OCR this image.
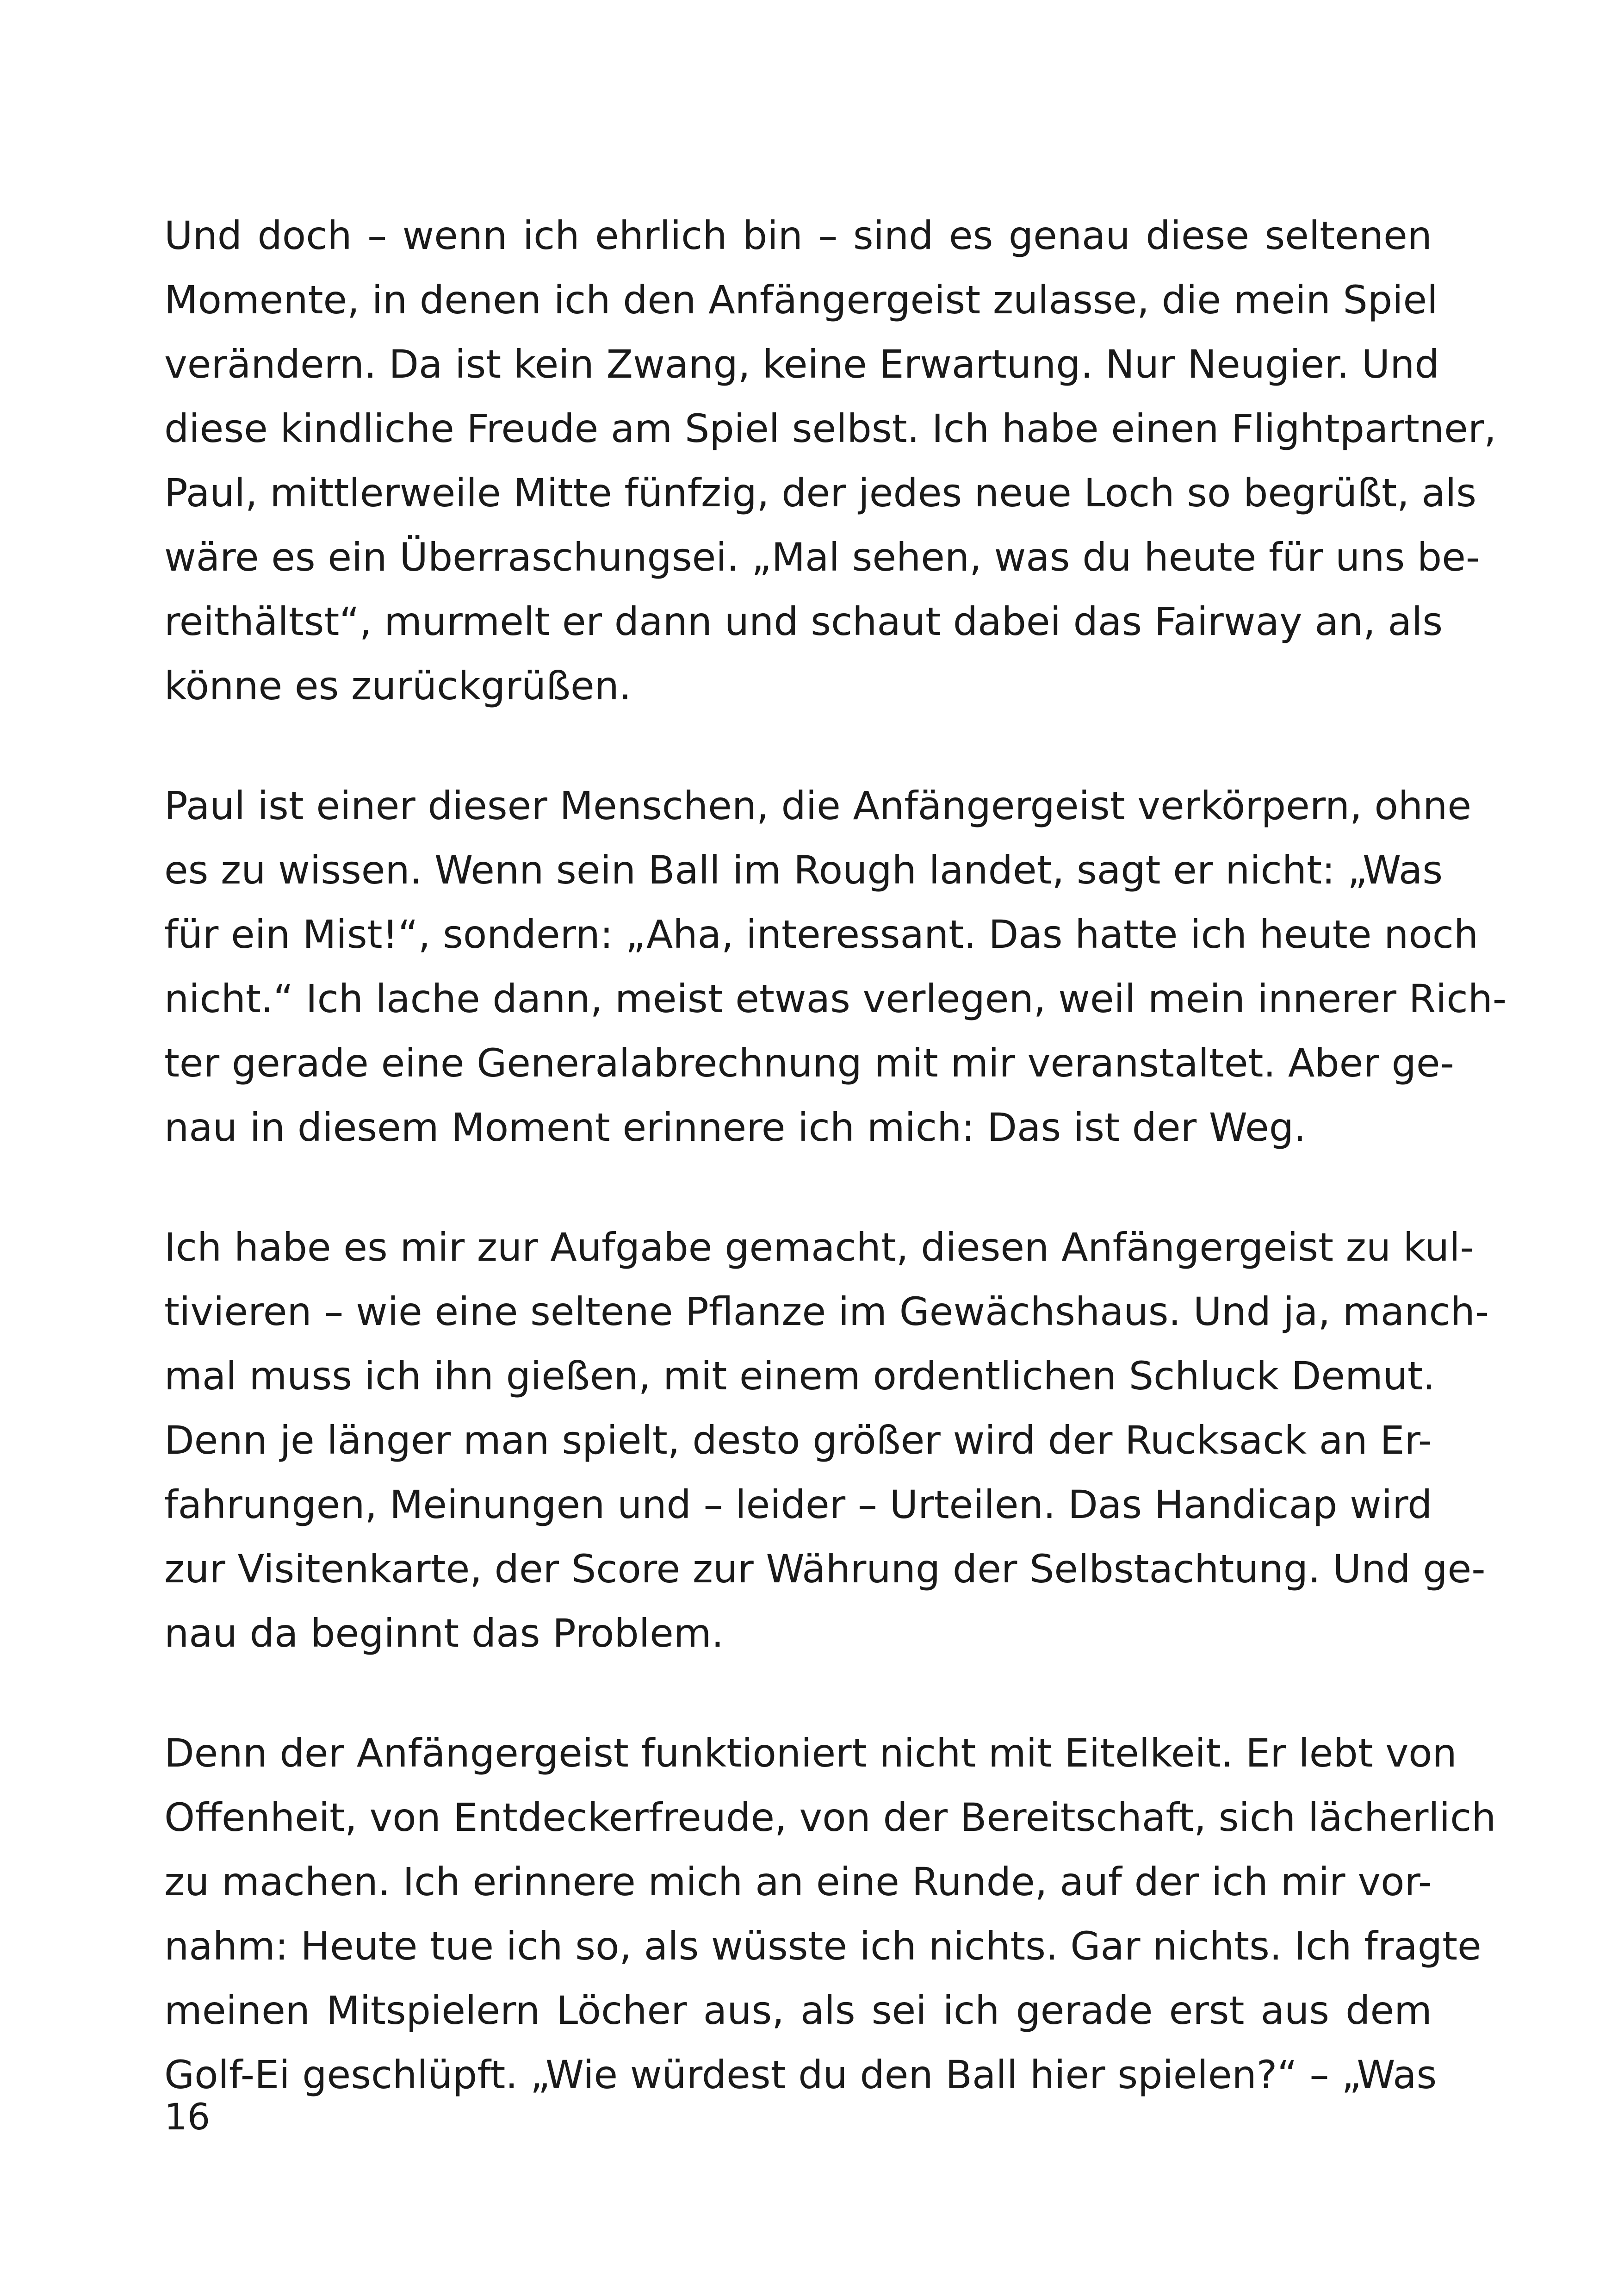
Und doch – wenn ich ehrlich bin – sind es genau diese seltenen
Momente, in denen ich den Anfängergeist zulasse, die mein Spiel
verändern. Da ist kein Zwang, keine Erwartung. Nur Neugier. Und
diese kindliche Freude am Spiel selbst. Ich habe einen Flightpartner,
Paul, mittlerweile Mitte fünfzig, der jedes neue Loch so begrüßt, als
wäre es ein Überraschungsei. „Mal sehen, was du heute für uns be-
reithältst“, murmelt er dann und schaut dabei das Fairway an, als
könne es zurückgrüßen.
Paul ist einer dieser Menschen, die Anfängergeist verkörpern, ohne
es zu wissen. Wenn sein Ball im Rough landet, sagt er nicht: „Was
für ein Mist!“, sondern: „Aha, interessant. Das hatte ich heute noch
nicht.“ Ich lache dann, meist etwas verlegen, weil mein innerer Rich-
ter gerade eine Generalabrechnung mit mir veranstaltet. Aber ge-
nau in diesem Moment erinnere ich mich: Das ist der Weg.
Ich habe es mir zur Aufgabe gemacht, diesen Anfängergeist zu kul-
tivieren – wie eine seltene Pflanze im Gewächshaus. Und ja, manch-
mal muss ich ihn gießen, mit einem ordentlichen Schluck Demut.
Denn je länger man spielt, desto größer wird der Rucksack an Er-
fahrungen, Meinungen und – leider – Urteilen. Das Handicap wird
zur Visitenkarte, der Score zur Währung der Selbstachtung. Und ge-
nau da beginnt das Problem.
Denn der Anfängergeist funktioniert nicht mit Eitelkeit. Er lebt von
Offenheit, von Entdeckerfreude, von der Bereitschaft, sich lächerlich
zu machen. Ich erinnere mich an eine Runde, auf der ich mir vor-
nahm: Heute tue ich so, als wüsste ich nichts. Gar nichts. Ich fragte
meinen Mitspielern Löcher aus, als sei ich gerade erst aus dem
Golf-Ei geschlüpft. „Wie würdest du den Ball hier spielen?“ – „Was
16
